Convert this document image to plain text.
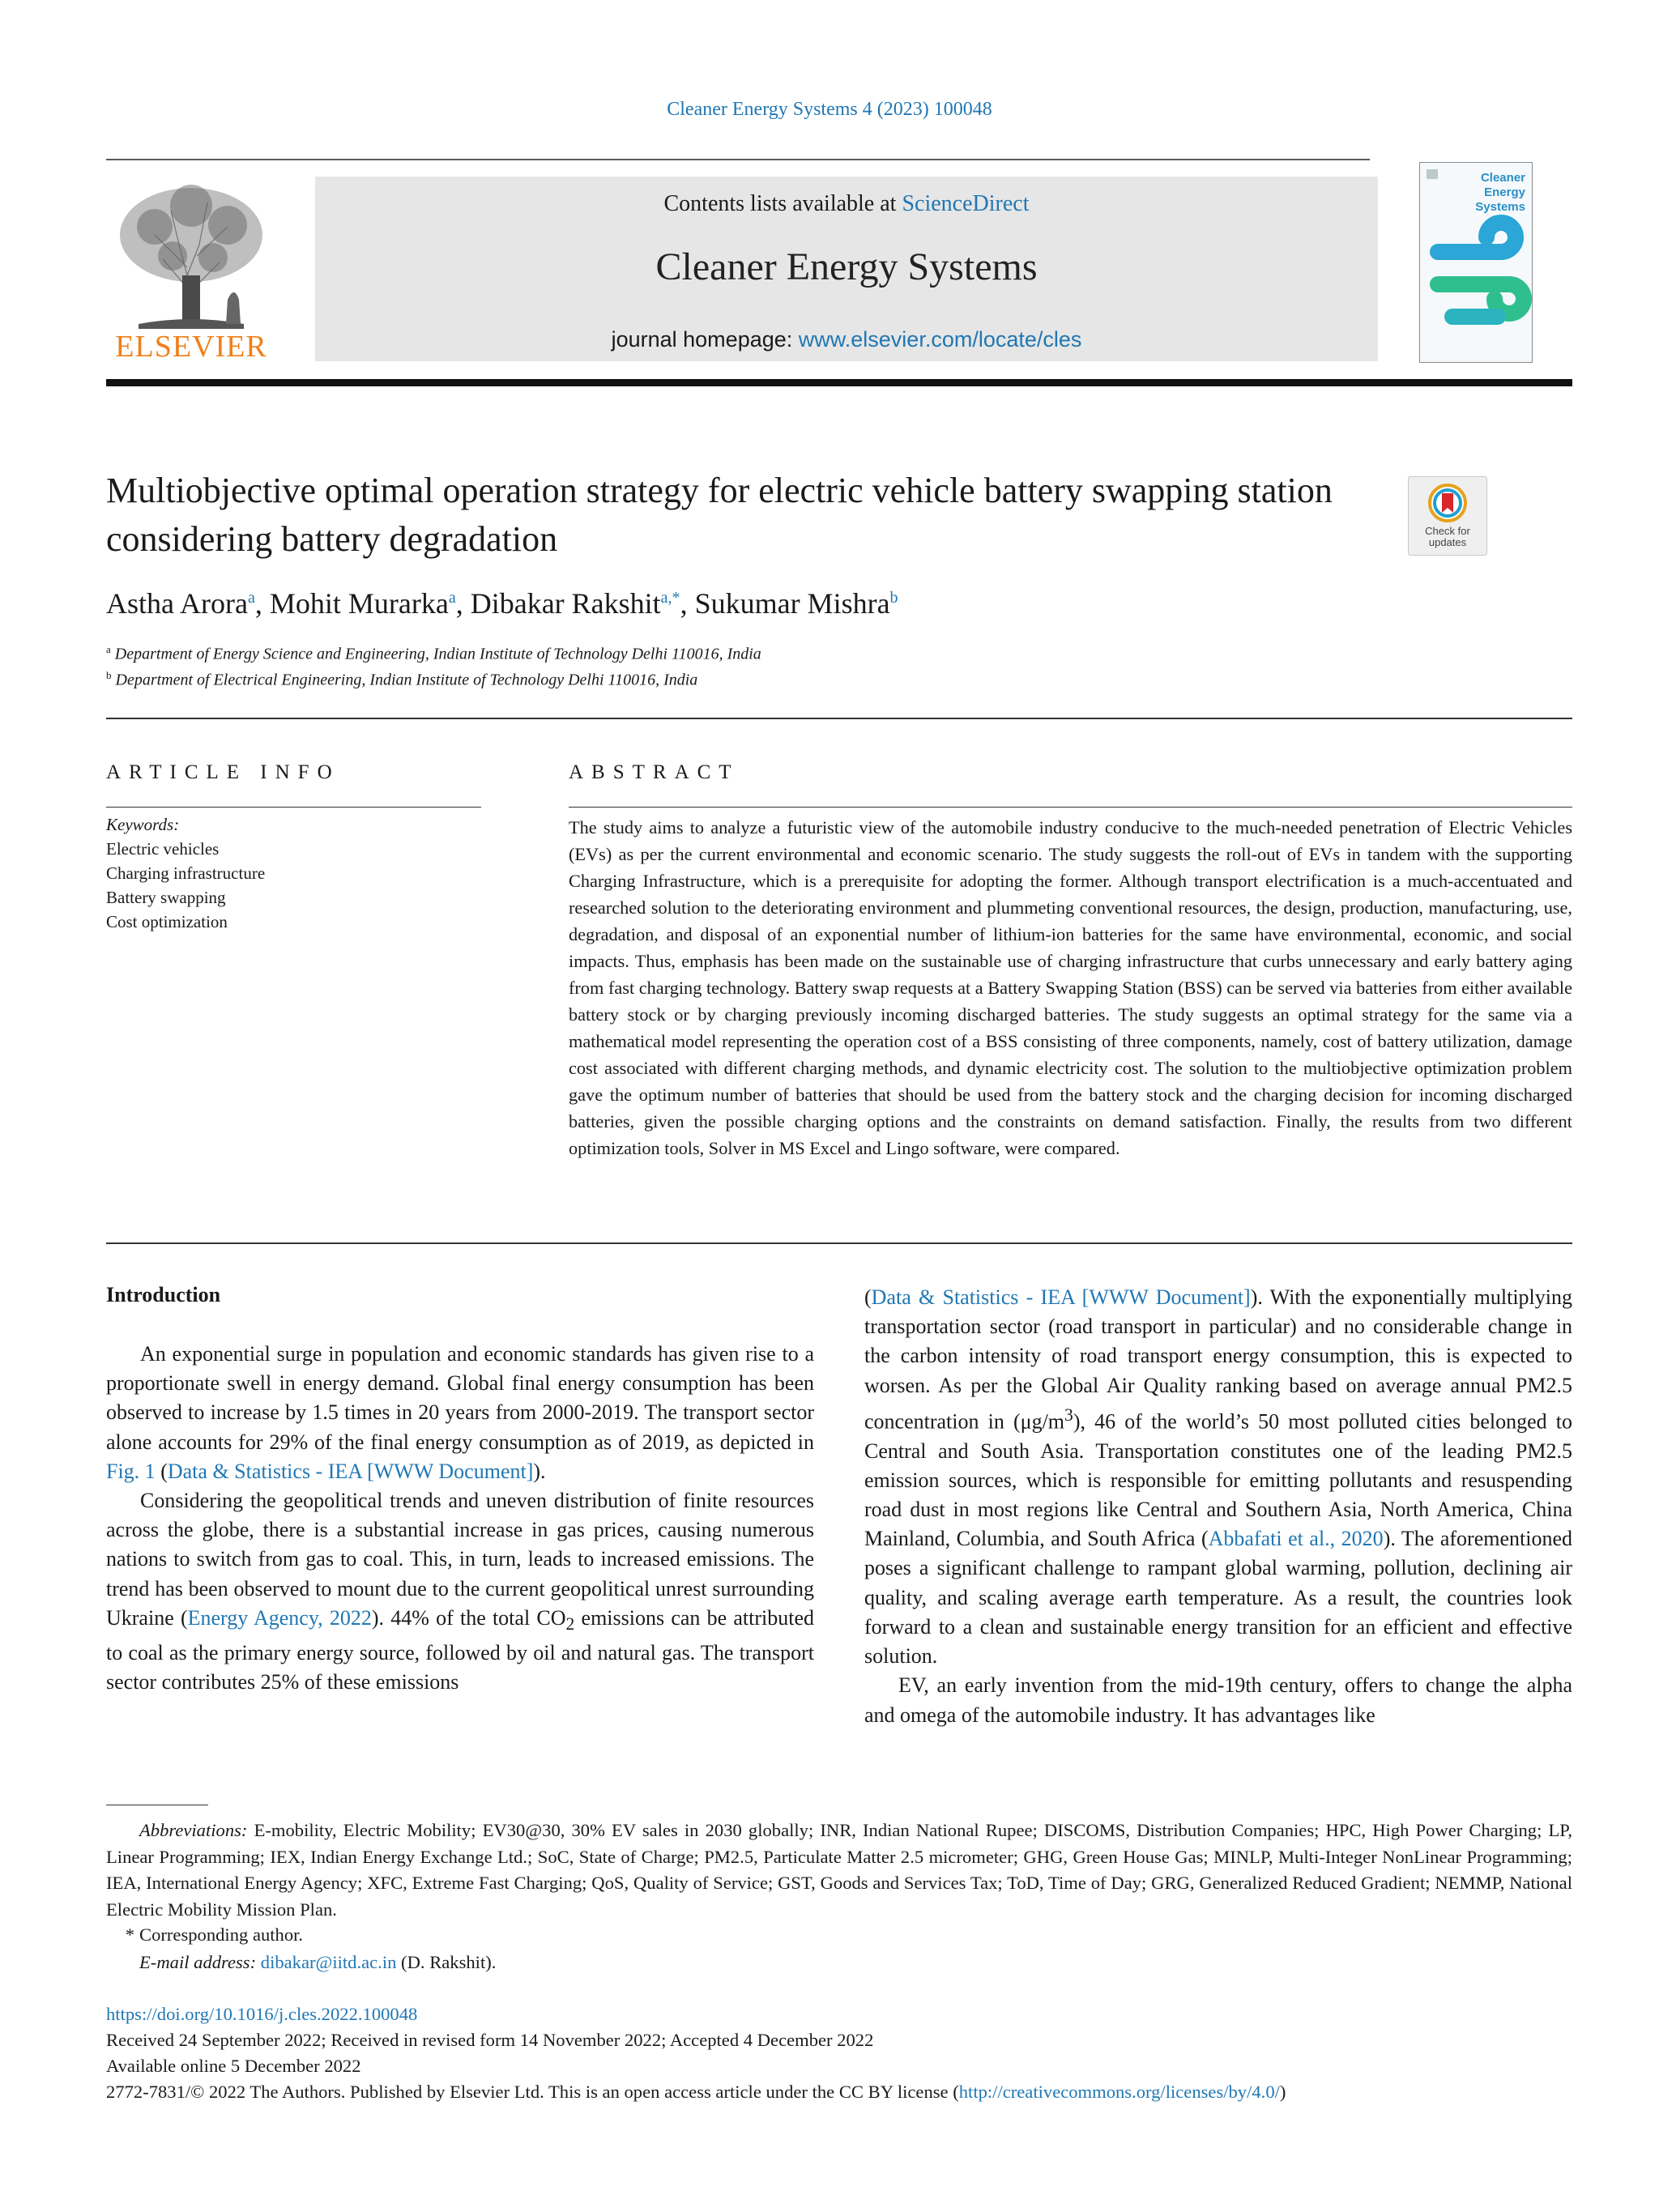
Cleaner Energy Systems 4 (2023) 100048
ELSEVIER
Contents lists available at ScienceDirect
Cleaner Energy Systems
journal homepage: www.elsevier.com/locate/cles
Cleaner Energy Systems
Multiobjective optimal operation strategy for electric vehicle battery swapping station considering battery degradation	Check for updates
Astha Arora$^a$, Mohit Murarka$^a$, Dibakar Rakshit$^{a,*}$, Sukumar Mishra$^b$
$^a$ Department of Energy Science and Engineering, Indian Institute of Technology Delhi 110016, India
$^b$ Department of Electrical Engineering, Indian Institute of Technology Delhi 110016, India
ARTICLE INFO
Keywords:
Electric vehicles
Charging infrastructure
Battery swapping
Cost optimization
ABSTRACT
The study aims to analyze a futuristic view of the automobile industry conducive to the much-needed penetration of Electric Vehicles (EVs) as per the current environmental and economic scenario. The study suggests the roll-out of EVs in tandem with the supporting Charging Infrastructure, which is a prerequisite for adopting the former. Although transport electrification is a much-accentuated and researched solution to the deteriorating environment and plummeting conventional resources, the design, production, manufacturing, use, degradation, and disposal of an exponential number of lithium-ion batteries for the same have environmental, economic, and social impacts. Thus, emphasis has been made on the sustainable use of charging infrastructure that curbs unnecessary and early battery aging from fast charging technology. Battery swap requests at a Battery Swapping Station (BSS) can be served via batteries from either available battery stock or by charging previously incoming discharged batteries. The study suggests an optimal strategy for the same via a mathematical model representing the operation cost of a BSS consisting of three components, namely, cost of battery utilization, damage cost associated with different charging methods, and dynamic electricity cost. The solution to the multiobjective optimization problem gave the optimum number of batteries that should be used from the battery stock and the charging decision for incoming discharged batteries, given the possible charging options and the constraints on demand satisfaction. Finally, the results from two different optimization tools, Solver in MS Excel and Lingo software, were compared.
Introduction

An exponential surge in population and economic standards has given rise to a proportionate swell in energy demand. Global final energy consumption has been observed to increase by 1.5 times in 20 years from 2000-2019. The transport sector alone accounts for 29% of the final energy consumption as of 2019, as depicted in Fig. 1 (Data & Statistics - IEA [WWW Document]).

Considering the geopolitical trends and uneven distribution of finite resources across the globe, there is a substantial increase in gas prices, causing numerous nations to switch from gas to coal. This, in turn, leads to increased emissions. The trend has been observed to mount due to the current geopolitical unrest surrounding Ukraine (Energy Agency, 2022). 44% of the total $CO_2$ emissions can be attributed to coal as the primary energy source, followed by oil and natural gas. The transport sector contributes 25% of these emissions

(Data & Statistics - IEA [WWW Document]). With the exponentially multiplying transportation sector (road transport in particular) and no considerable change in the carbon intensity of road transport energy consumption, this is expected to worsen. As per the Global Air Quality ranking based on average annual PM2.5 concentration in $(\mu g/m^3)$, 46 of the world’s 50 most polluted cities belonged to Central and South Asia. Transportation constitutes one of the leading PM2.5 emission sources, which is responsible for emitting pollutants and resuspending road dust in most regions like Central and Southern Asia, North America, China Mainland, Columbia, and South Africa (Abbafati et al., 2020). The aforementioned poses a significant challenge to rampant global warming, pollution, declining air quality, and scaling average earth temperature. As a result, the countries look forward to a clean and sustainable energy transition for an efficient and effective solution.

EV, an early invention from the mid-19th century, offers to change the alpha and omega of the automobile industry. It has advantages like

Abbreviations: E-mobility, Electric Mobility; EV30@30, 30% EV sales in 2030 globally; INR, Indian National Rupee; DISCOMS, Distribution Companies; HPC, High Power Charging; LP, Linear Programming; IEX, Indian Energy Exchange Ltd.; SoC, State of Charge; PM2.5, Particulate Matter 2.5 micrometer; GHG, Green House Gas; MINLP, Multi-Integer NonLinear Programming; IEA, International Energy Agency; XFC, Extreme Fast Charging; QoS, Quality of Service; GST, Goods and Services Tax; ToD, Time of Day; GRG, Generalized Reduced Gradient; NEMMP, National Electric Mobility Mission Plan.
* Corresponding author.
E-mail address: dibakar@iitd.ac.in (D. Rakshit).
https://doi.org/10.1016/j.cles.2022.100048
Received 24 September 2022; Received in revised form 14 November 2022; Accepted 4 December 2022
Available online 5 December 2022
2772-7831/© 2022 The Authors. Published by Elsevier Ltd. This is an open access article under the CC BY license (http://creativecommons.org/licenses/by/4.0/)
